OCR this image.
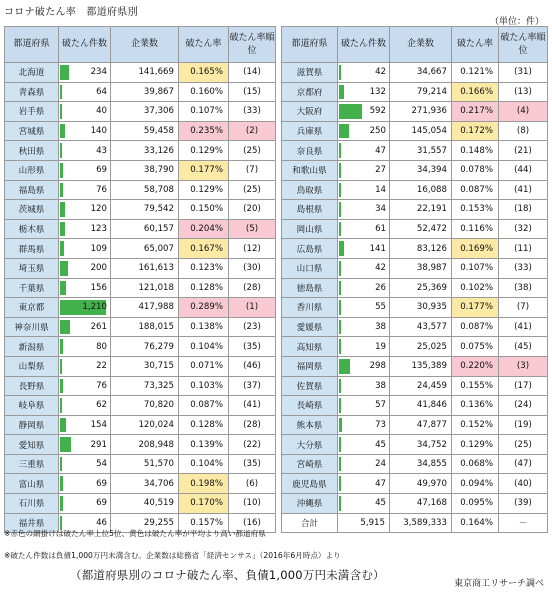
コロナ破たん率　都道府県別
（単位：件）
都道府県	破たん件数	企業数	破たん率	破たん率順位
北海道	234	141,669	0.165%	(14)
青森県	64	39,867	0.160%	(15)
岩手県	40	37,306	0.107%	(33)
宮城県	140	59,458	0.235%	(2)
秋田県	43	33,126	0.129%	(25)
山形県	69	38,790	0.177%	(7)
福島県	76	58,708	0.129%	(25)
茨城県	120	79,542	0.150%	(20)
栃木県	123	60,157	0.204%	(5)
群馬県	109	65,007	0.167%	(12)
埼玉県	200	161,613	0.123%	(30)
千葉県	156	121,018	0.128%	(28)
東京都	1,210	417,988	0.289%	(1)
神奈川県	261	188,015	0.138%	(23)
新潟県	80	76,279	0.104%	(35)
山梨県	22	30,715	0.071%	(46)
長野県	76	73,325	0.103%	(37)
岐阜県	62	70,820	0.087%	(41)
静岡県	154	120,024	0.128%	(28)
愛知県	291	208,948	0.139%	(22)
三重県	54	51,570	0.104%	(35)
富山県	69	34,706	0.198%	(6)
石川県	69	40,519	0.170%	(10)
福井県	46	29,255	0.157%	(16)
都道府県	破たん件数	企業数	破たん率	破たん率順位
滋賀県	42	34,667	0.121%	(31)
京都府	132	79,214	0.166%	(13)
大阪府	592	271,936	0.217%	(4)
兵庫県	250	145,054	0.172%	(8)
奈良県	47	31,557	0.148%	(21)
和歌山県	27	34,394	0.078%	(44)
鳥取県	14	16,088	0.087%	(41)
島根県	34	22,191	0.153%	(18)
岡山県	61	52,472	0.116%	(32)
広島県	141	83,126	0.169%	(11)
山口県	42	38,987	0.107%	(33)
徳島県	26	25,369	0.102%	(38)
香川県	55	30,935	0.177%	(7)
愛媛県	38	43,577	0.087%	(41)
高知県	19	25,025	0.075%	(45)
福岡県	298	135,389	0.220%	(3)
佐賀県	38	24,459	0.155%	(17)
長崎県	57	41,846	0.136%	(24)
熊本県	73	47,877	0.152%	(19)
大分県	45	34,752	0.129%	(25)
宮崎県	24	34,855	0.068%	(47)
鹿児島県	47	49,970	0.094%	(40)
沖縄県	45	47,168	0.095%	(39)
合計	5,915	3,589,333	0.164%	－
※赤色の網掛けは破たん率上位5位、黄色は破たん率が平均より高い都道府県
※破たん件数は負債1,000万円未満含む。企業数は総務省「経済センサス」（2016年6月時点）より
（都道府県別のコロナ破たん率、負債1,000万円未満含む）
東京商工リサーチ調べ
